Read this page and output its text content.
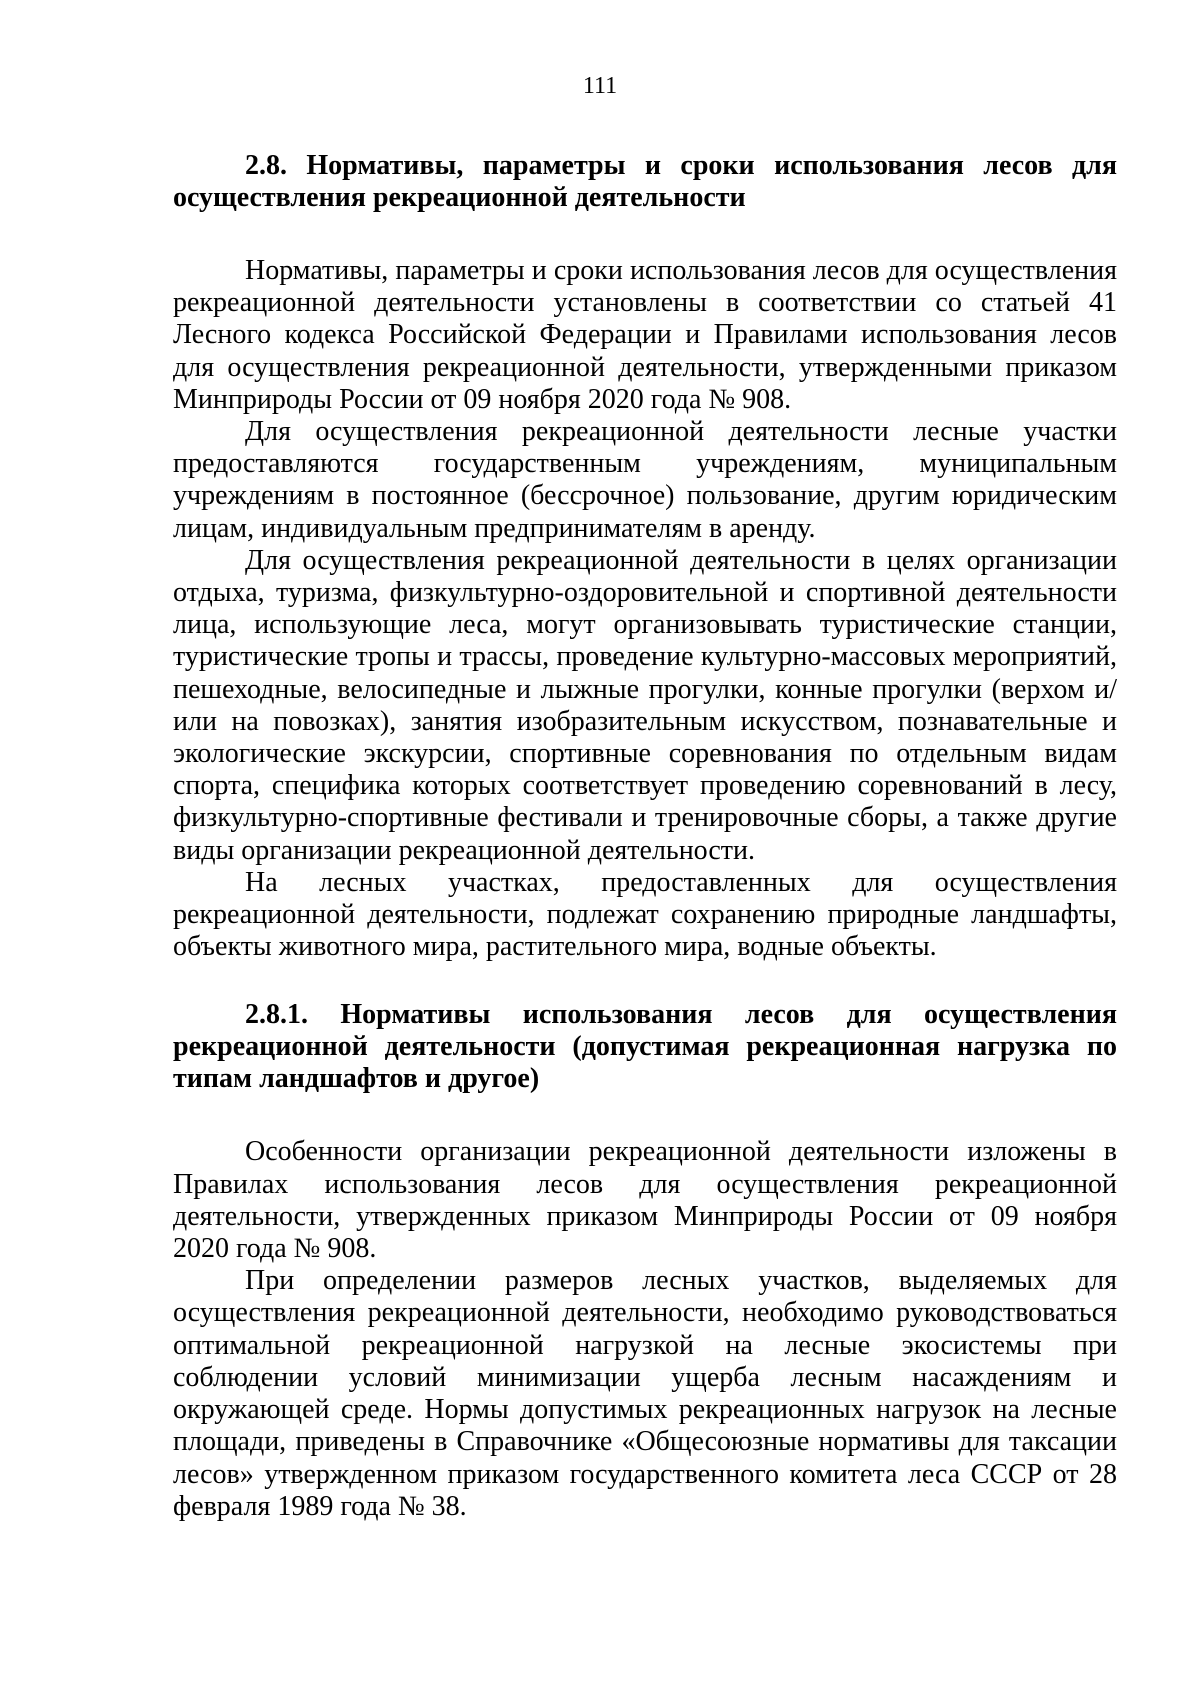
111

2.8. Нормативы, параметры и сроки использования лесов для осуществления рекреационной деятельности

Нормативы, параметры и сроки использования лесов для осуществления рекреационной деятельности установлены в соответствии со статьей 41 Лесного кодекса Российской Федерации и Правилами использования лесов для осуществления рекреационной деятельности, утвержденными приказом Минприроды России от 09 ноября 2020 года № 908.

Для осуществления рекреационной деятельности лесные участки предоставляются государственным учреждениям, муниципальным учреждениям в постоянное (бессрочное) пользование, другим юридическим лицам, индивидуальным предпринимателям в аренду.

Для осуществления рекреационной деятельности в целях организации отдыха, туризма, физкультурно-оздоровительной и спортивной деятельности лица, использующие леса, могут организовывать туристические станции, туристические тропы и трассы, проведение культурно-массовых мероприятий, пешеходные, велосипедные и лыжные прогулки, конные прогулки (верхом и/или на повозках), занятия изобразительным искусством, познавательные и экологические экскурсии, спортивные соревнования по отдельным видам спорта, специфика которых соответствует проведению соревнований в лесу, физкультурно-спортивные фестивали и тренировочные сборы, а также другие виды организации рекреационной деятельности.

На лесных участках, предоставленных для осуществления рекреационной деятельности, подлежат сохранению природные ландшафты, объекты животного мира, растительного мира, водные объекты.

2.8.1. Нормативы использования лесов для осуществления рекреационной деятельности (допустимая рекреационная нагрузка по типам ландшафтов и другое)

Особенности организации рекреационной деятельности изложены в Правилах использования лесов для осуществления рекреационной деятельности, утвержденных приказом Минприроды России от 09 ноября 2020 года № 908.

При определении размеров лесных участков, выделяемых для осуществления рекреационной деятельности, необходимо руководствоваться оптимальной рекреационной нагрузкой на лесные экосистемы при соблюдении условий минимизации ущерба лесным насаждениям и окружающей среде. Нормы допустимых рекреационных нагрузок на лесные площади, приведены в Справочнике «Общесоюзные нормативы для таксации лесов» утвержденном приказом государственного комитета леса СССР от 28 февраля 1989 года № 38.
